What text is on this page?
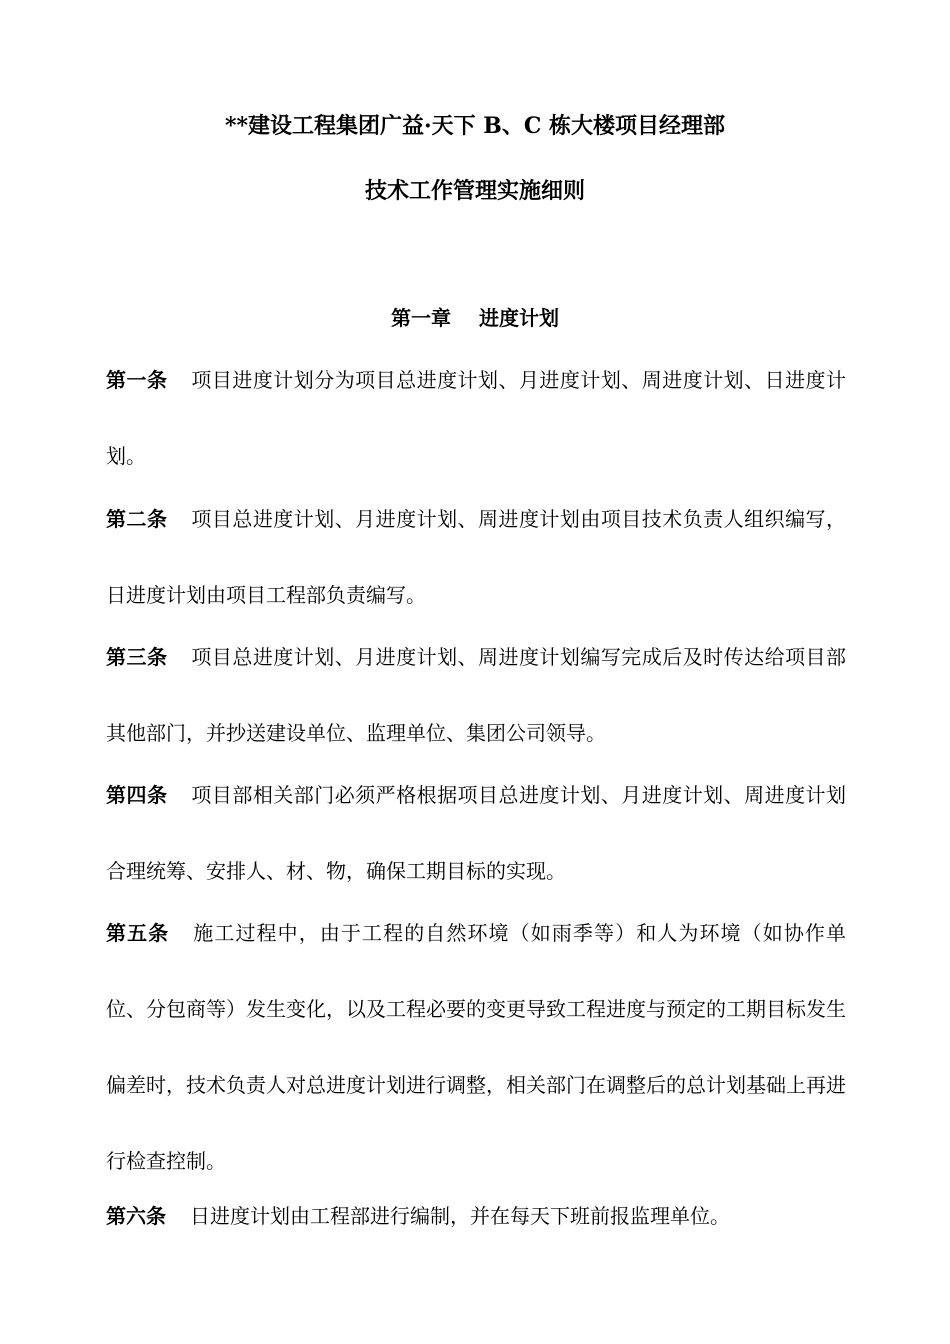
**建设工程集团广益·天下 B、C 栋大楼项目经理部
技术工作管理实施细则
第一章 进度计划
第一条 项目进度计划分为项目总进度计划、月进度计划、周进度计划、日进度计划。
第二条 项目总进度计划、月进度计划、周进度计划由项目技术负责人组织编写，日进度计划由项目工程部负责编写。
第三条 项目总进度计划、月进度计划、周进度计划编写完成后及时传达给项目部其他部门，并抄送建设单位、监理单位、集团公司领导。
第四条 项目部相关部门必须严格根据项目总进度计划、月进度计划、周进度计划合理统筹、安排人、材、物，确保工期目标的实现。
第五条 施工过程中，由于工程的自然环境（如雨季等）和人为环境（如协作单位、分包商等）发生变化，以及工程必要的变更导致工程进度与预定的工期目标发生偏差时，技术负责人对总进度计划进行调整，相关部门在调整后的总计划基础上再进行检查控制。
第六条 日进度计划由工程部进行编制，并在每天下班前报监理单位。
